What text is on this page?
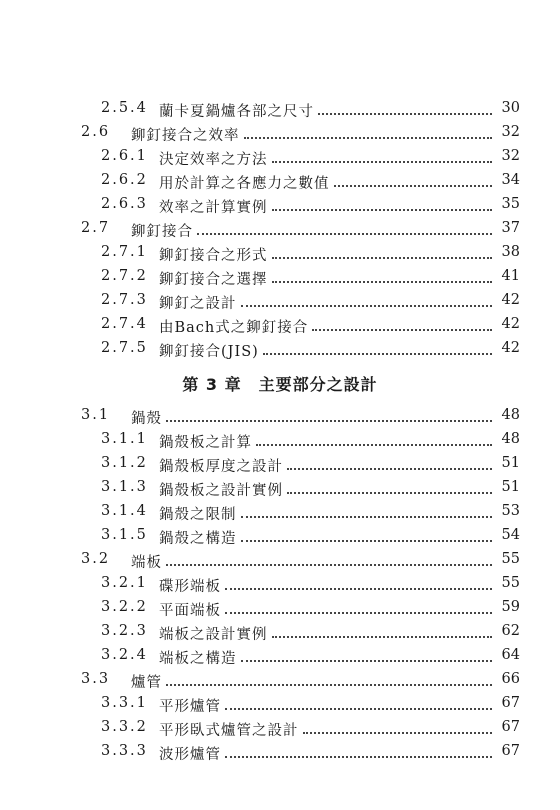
2.5.4 蘭卡夏鍋爐各部之尺寸	30
2.6 鉚釘接合之效率	32
2.6.1 決定效率之方法	32
2.6.2 用於計算之各應力之數值	34
2.6.3 效率之計算實例	35
2.7 鉚釘接合	37
2.7.1 鉚釘接合之形式	38
2.7.2 鉚釘接合之選擇	41
2.7.3 鉚釘之設計	42
2.7.4 由Bach式之鉚釘接合	42
2.7.5 鉚釘接合(JIS)	42
第 3 章　主要部分之設計
3.1 鍋殼	48
3.1.1 鍋殼板之計算	48
3.1.2 鍋殼板厚度之設計	51
3.1.3 鍋殼板之設計實例	51
3.1.4 鍋殼之限制	53
3.1.5 鍋殼之構造	54
3.2 端板	55
3.2.1 碟形端板	55
3.2.2 平面端板	59
3.2.3 端板之設計實例	62
3.2.4 端板之構造	64
3.3 爐管	66
3.3.1 平形爐管	67
3.3.2 平形臥式爐管之設計	67
3.3.3 波形爐管	67
